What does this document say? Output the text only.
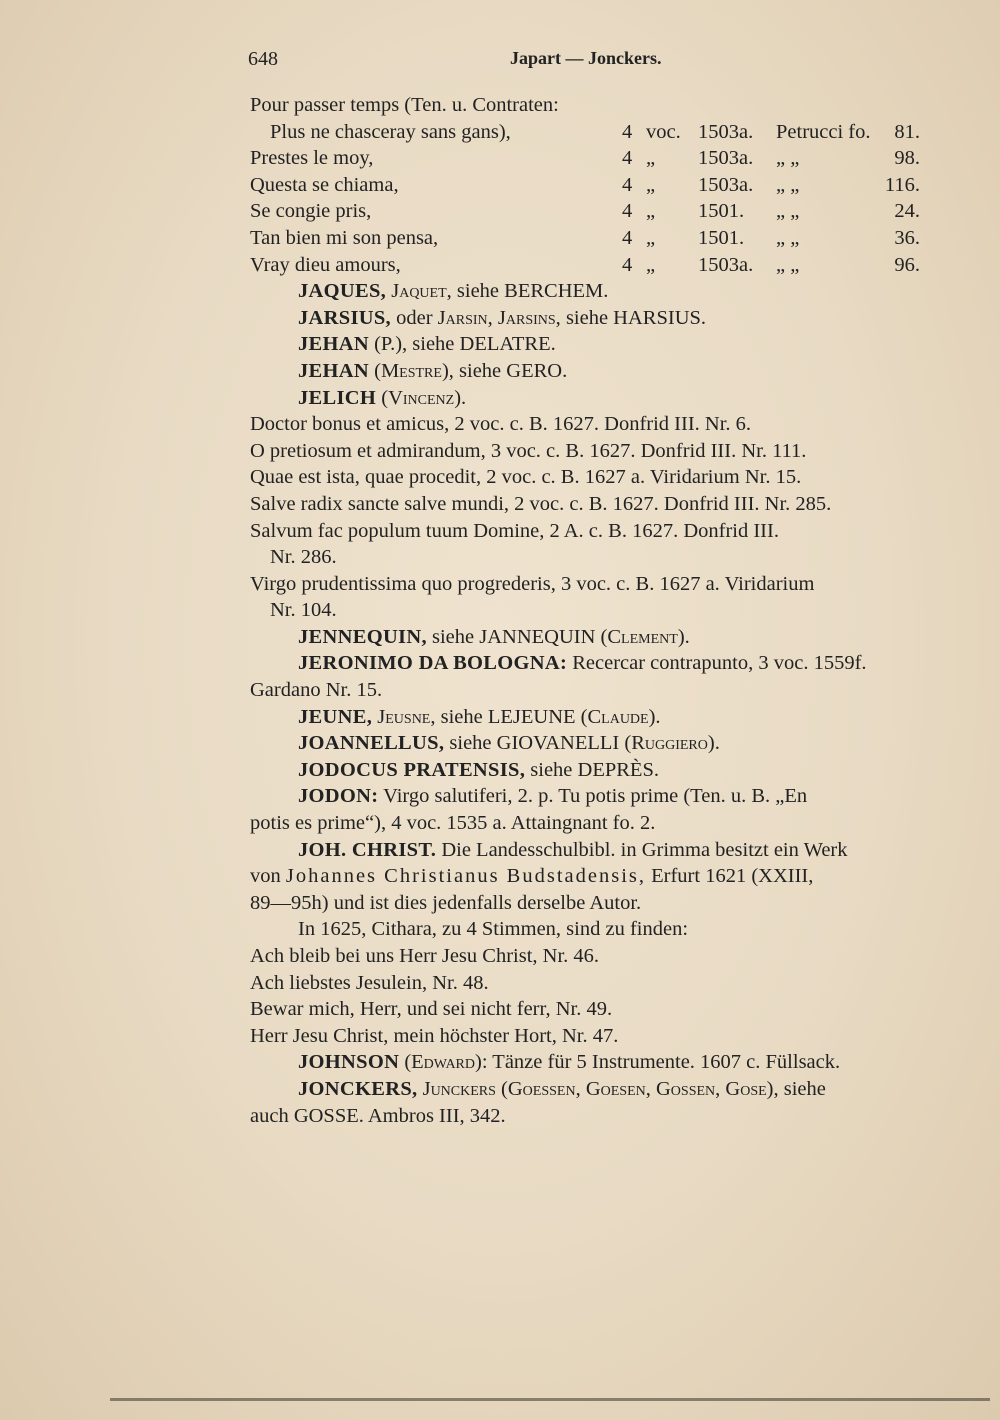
648	Japart — Jonckers.
Pour passer temps (Ten. u. Contraten:
Plus ne chasceray sans gans),	4 voc. 1503a. Petrucci fo. 81.
Prestes le moy,	4 „ 1503a. „ „	98.
Questa se chiama,	4 „ 1503a. „ „	116.
Se congie pris,	4 „ 1501. „ „	24.
Tan bien mi son pensa,	4 „ 1501. „ „	36.
Vray dieu amours,	4 „ 1503a. „ „	96.
JAQUES, Jaquet, siehe BERCHEM.
JARSIUS, oder Jarsin, Jarsins, siehe HARSIUS.
JEHAN (P.), siehe DELATRE.
JEHAN (Mestre), siehe GERO.
JELICH (Vincenz).
Doctor bonus et amicus, 2 voc. c. B. 1627. Donfrid III. Nr. 6.
O pretiosum et admirandum, 3 voc. c. B. 1627. Donfrid III. Nr. 111.
Quae est ista, quae procedit, 2 voc. c. B. 1627 a. Viridarium Nr. 15.
Salve radix sancte salve mundi, 2 voc. c. B. 1627. Donfrid III. Nr. 285.
Salvum fac populum tuum Domine, 2 A. c. B. 1627. Donfrid III.
Nr. 286.
Virgo prudentissima quo progrederis, 3 voc. c. B. 1627 a. Viridarium
Nr. 104.
JENNEQUIN, siehe JANNEQUIN (Clement).
JERONIMO DA BOLOGNA: Recercar contrapunto, 3 voc. 1559f.
Gardano Nr. 15.
JEUNE, Jeusne, siehe LEJEUNE (Claude).
JOANNELLUS, siehe GIOVANELLI (Ruggiero).
JODOCUS PRATENSIS, siehe DEPRÈS.
JODON: Virgo salutiferi, 2. p. Tu potis prime (Ten. u. B. „En
potis es prime“), 4 voc. 1535 a. Attaingnant fo. 2.
JOH. CHRIST. Die Landesschulbibl. in Grimma besitzt ein Werk
von Johannes Christianus Budstadensis, Erfurt 1621 (XXIII,
89—95h) und ist dies jedenfalls derselbe Autor.
In 1625, Cithara, zu 4 Stimmen, sind zu finden:
Ach bleib bei uns Herr Jesu Christ, Nr. 46.
Ach liebstes Jesulein, Nr. 48.
Bewar mich, Herr, und sei nicht ferr, Nr. 49.
Herr Jesu Christ, mein höchster Hort, Nr. 47.
JOHNSON (Edward): Tänze für 5 Instrumente. 1607 c. Füllsack.
JONCKERS, Junckers (Goessen, Goesen, Gossen, Gose), siehe
auch GOSSE. Ambros III, 342.
